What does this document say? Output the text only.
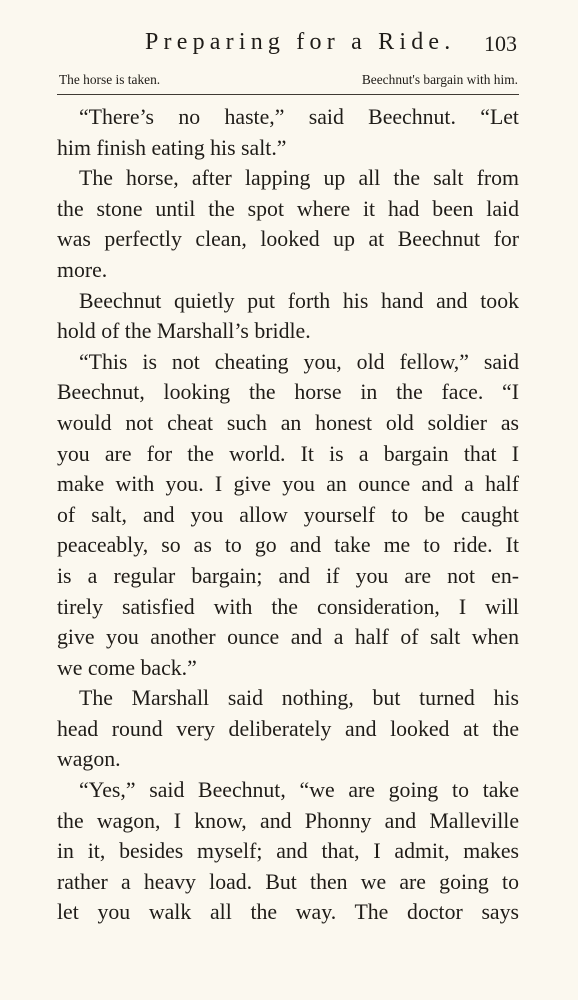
Preparing for a Ride. 103
The horse is taken.	Beechnut's bargain with him.
“There’s no haste,” said Beechnut. “Let
him finish eating his salt.”
The horse, after lapping up all the salt from
the stone until the spot where it had been laid
was perfectly clean, looked up at Beechnut for
more.
Beechnut quietly put forth his hand and took
hold of the Marshall’s bridle.
“This is not cheating you, old fellow,” said
Beechnut, looking the horse in the face. “I
would not cheat such an honest old soldier as
you are for the world. It is a bargain that I
make with you. I give you an ounce and a half
of salt, and you allow yourself to be caught
peaceably, so as to go and take me to ride. It
is a regular bargain; and if you are not en-
tirely satisfied with the consideration, I will
give you another ounce and a half of salt when
we come back.”
The Marshall said nothing, but turned his
head round very deliberately and looked at the
wagon.
“Yes,” said Beechnut, “we are going to take
the wagon, I know, and Phonny and Malleville
in it, besides myself; and that, I admit, makes
rather a heavy load. But then we are going to
let you walk all the way. The doctor says
